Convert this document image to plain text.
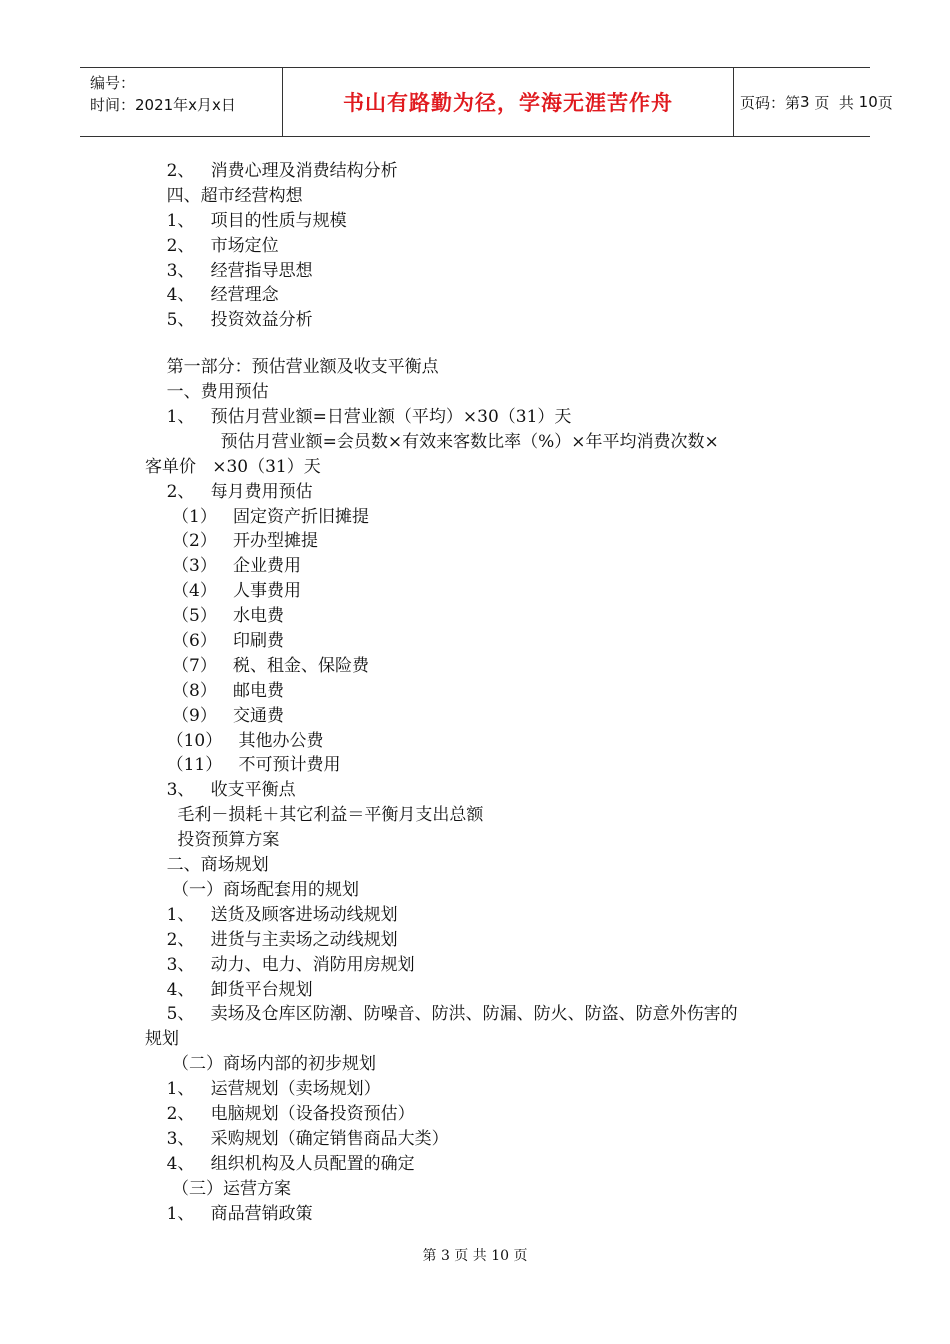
编号：
时间：2021年x月x日	书山有路勤为径，学海无涯苦作舟	页码：第 3
页  共
10 页
2、   消费心理及消费结构分析
四、超市经营构想
1、   项目的性质与规模
2、   市场定位
3、   经营指导思想
4、   经营理念
5、   投资效益分析
第一部分：预估营业额及收支平衡点
一、费用预估
1、   预估月营业额=日营业额（平均）×30（31）天
预估月营业额=会员数×有效来客数比率（%）×年平均消费次数×
客单价   ×30（31）天
2、   每月费用预估
（1）   固定资产折旧摊提
（2）   开办型摊提
（3）   企业费用
（4）   人事费用
（5）   水电费
（6）   印刷费
（7）   税、租金、保险费
（8）   邮电费
（9）   交通费
（10）   其他办公费
（11）   不可预计费用
3、   收支平衡点
毛利－损耗＋其它利益＝平衡月支出总额
投资预算方案
二、商场规划
（一）商场配套用的规划
1、   送货及顾客进场动线规划
2、   进货与主卖场之动线规划
3、   动力、电力、消防用房规划
4、   卸货平台规划
5、   卖场及仓库区防潮、防噪音、防洪、防漏、防火、防盗、防意外伤害的
规划
（二）商场内部的初步规划
1、   运营规划（卖场规划）
2、   电脑规划（设备投资预估）
3、   采购规划（确定销售商品大类）
4、   组织机构及人员配置的确定
（三）运营方案
1、   商品营销政策
第 3 页 共 10 页
